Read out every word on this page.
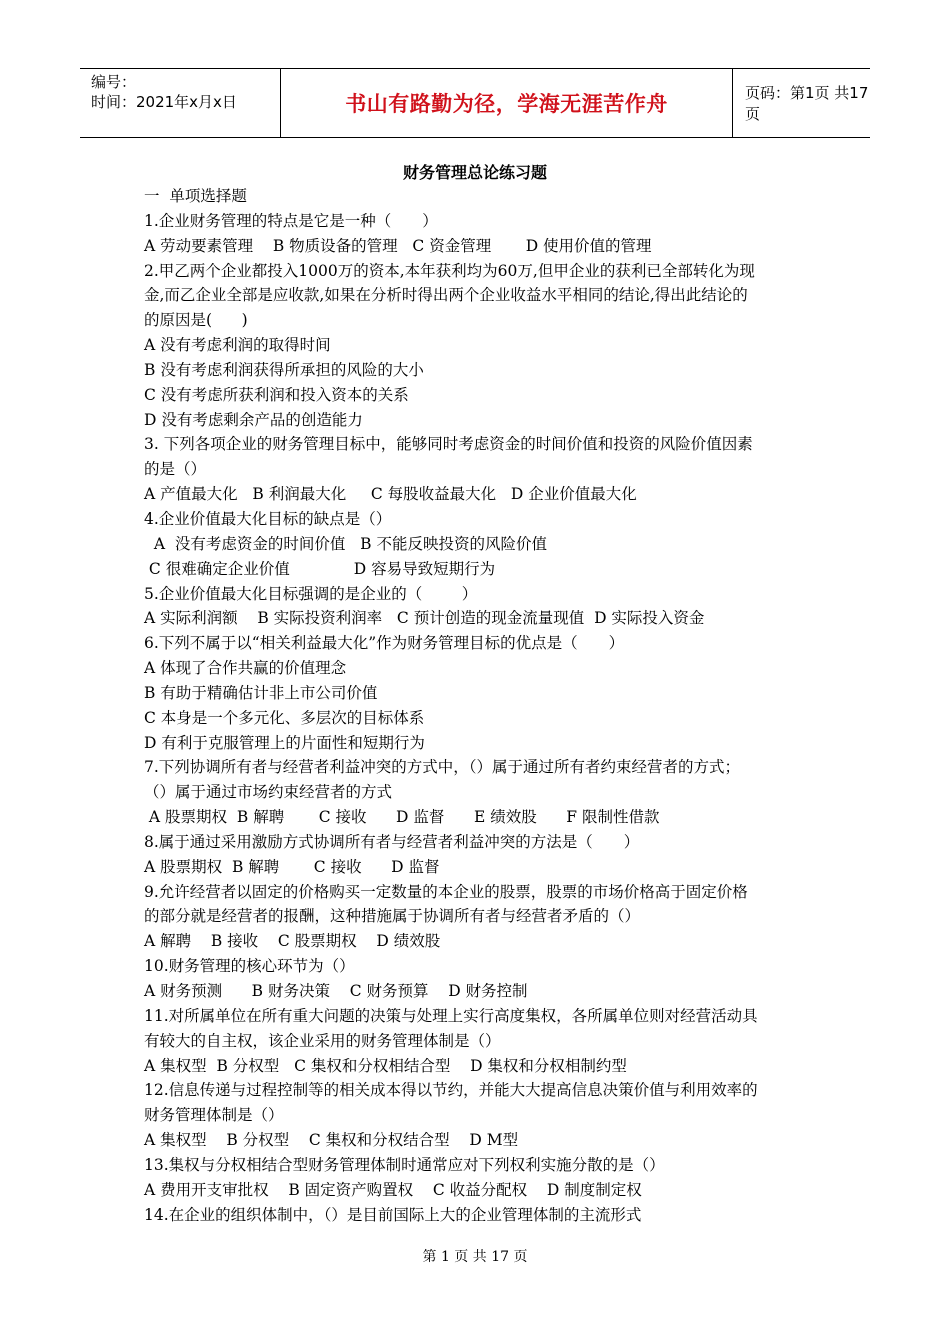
编号：
时间：2021年x月x日	书山有路勤为径，学海无涯苦作舟	页码：第1页 共17页
财务管理总论练习题
一  单项选择题
1.企业财务管理的特点是它是一种（　　）
A 劳动要素管理    B 物质设备的管理   C 资金管理       D 使用价值的管理
2.甲乙两个企业都投入1000万的资本,本年获利均为60万,但甲企业的获利已全部转化为现
金,而乙企业全部是应收款,如果在分析时得出两个企业收益水平相同的结论,得出此结论的
的原因是(      )
A 没有考虑利润的取得时间
B 没有考虑利润获得所承担的风险的大小
C 没有考虑所获利润和投入资本的关系
D 没有考虑剩余产品的创造能力
3. 下列各项企业的财务管理目标中，能够同时考虑资金的时间价值和投资的风险价值因素
的是（）
A 产值最大化   B 利润最大化     C 每股收益最大化   D 企业价值最大化
4.企业价值最大化目标的缺点是（）
A  没有考虑资金的时间价值   B 不能反映投资的风险价值
C 很难确定企业价值             D 容易导致短期行为
5.企业价值最大化目标强调的是企业的（        ）
A 实际利润额    B 实际投资利润率   C 预计创造的现金流量现值  D 实际投入资金
6.下列不属于以“相关利益最大化”作为财务管理目标的优点是（　　）
A 体现了合作共赢的价值理念
B 有助于精确估计非上市公司价值
C 本身是一个多元化、多层次的目标体系
D 有利于克服管理上的片面性和短期行为
7.下列协调所有者与经营者利益冲突的方式中，（）属于通过所有者约束经营者的方式；
（）属于通过市场约束经营者的方式
A 股票期权  B 解聘       C 接收      D 监督      E 绩效股      F 限制性借款
8.属于通过采用激励方式协调所有者与经营者利益冲突的方法是（　　）
A 股票期权  B 解聘       C 接收      D 监督
9.允许经营者以固定的价格购买一定数量的本企业的股票，股票的市场价格高于固定价格
的部分就是经营者的报酬，这种措施属于协调所有者与经营者矛盾的（）
A 解聘    B 接收    C 股票期权    D 绩效股
10.财务管理的核心环节为（）
A 财务预测      B 财务决策    C 财务预算    D 财务控制
11.对所属单位在所有重大问题的决策与处理上实行高度集权，各所属单位则对经营活动具
有较大的自主权，该企业采用的财务管理体制是（）
A 集权型  B 分权型   C 集权和分权相结合型    D 集权和分权相制约型
12.信息传递与过程控制等的相关成本得以节约，并能大大提高信息决策价值与利用效率的
财务管理体制是（）
A 集权型    B 分权型    C 集权和分权结合型    D M型
13.集权与分权相结合型财务管理体制时通常应对下列权利实施分散的是（）
A 费用开支审批权    B 固定资产购置权    C 收益分配权    D 制度制定权
14.在企业的组织体制中，（）是目前国际上大的企业管理体制的主流形式
第 1 页 共 17 页
